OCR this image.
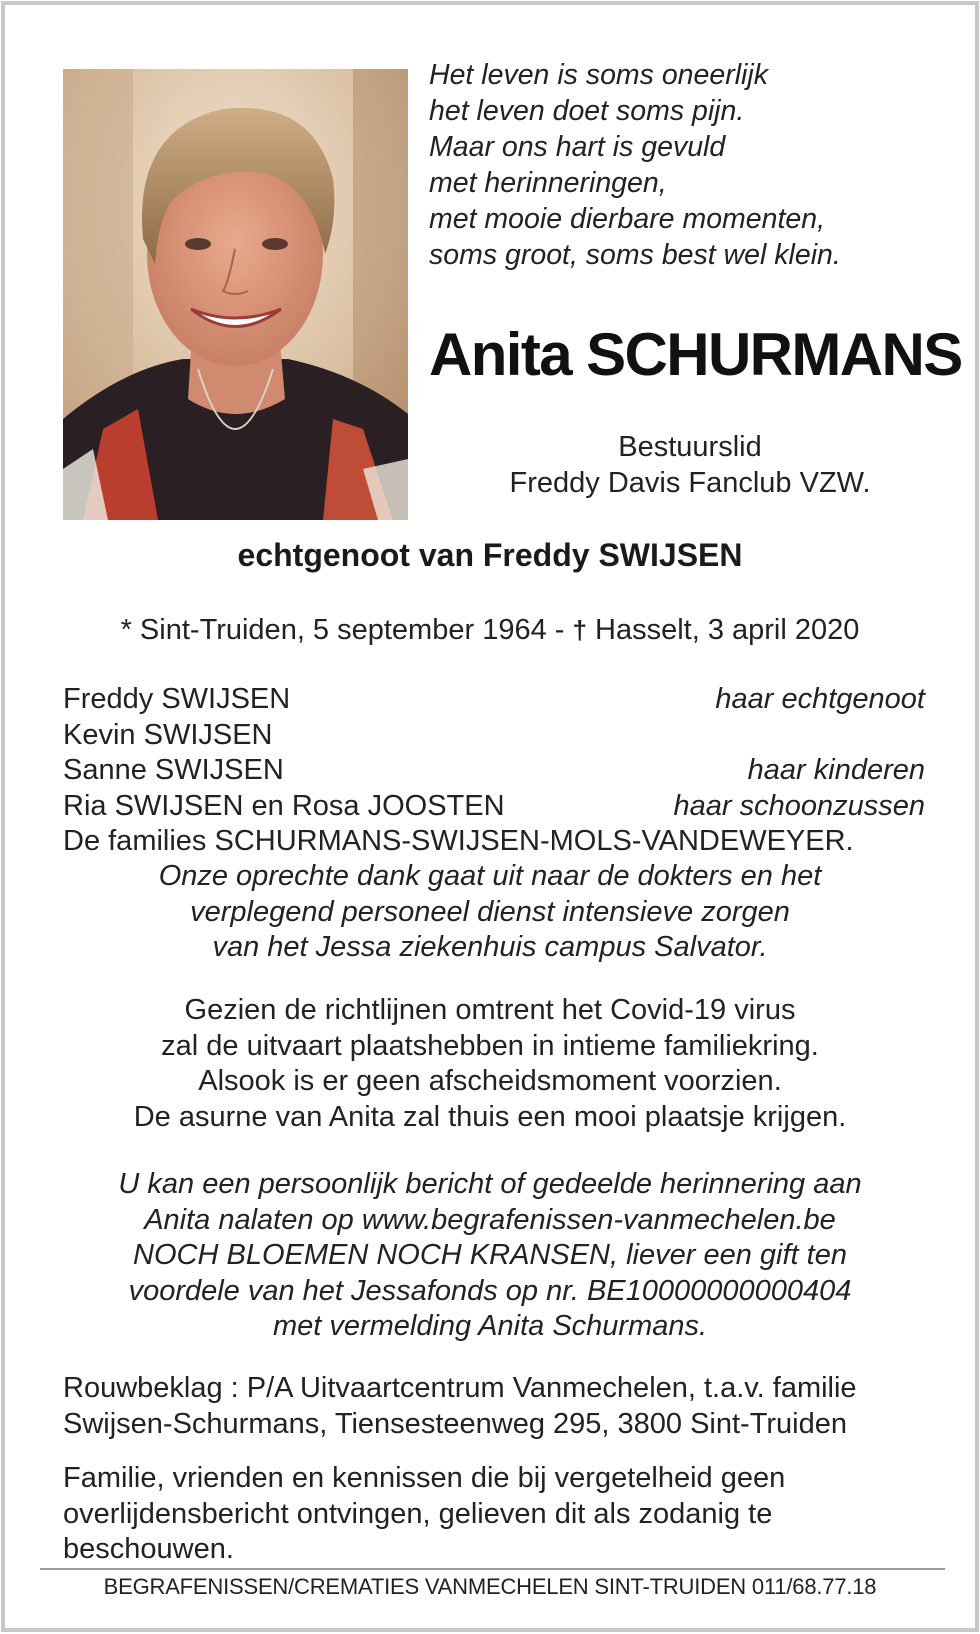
Het leven is soms oneerlijk
het leven doet soms pijn.
Maar ons hart is gevuld
met herinneringen,
met mooie dierbare momenten,
soms groot, soms best wel klein.
Anita SCHURMANS
Bestuurslid
Freddy Davis Fanclub VZW.
echtgenoot van Freddy SWIJSEN
* Sint-Truiden, 5 september 1964 - † Hasselt, 3 april 2020
Freddy SWIJSEN	haar echtgenoot
Kevin SWIJSEN
Sanne SWIJSEN	haar kinderen
Ria SWIJSEN en Rosa JOOSTEN	haar schoonzussen
De families SCHURMANS-SWIJSEN-MOLS-VANDEWEYER.
Onze oprechte dank gaat uit naar de dokters en het
verplegend personeel dienst intensieve zorgen
van het Jessa ziekenhuis campus Salvator.
Gezien de richtlijnen omtrent het Covid-19 virus
zal de uitvaart plaatshebben in intieme familiekring.
Alsook is er geen afscheidsmoment voorzien.
De asurne van Anita zal thuis een mooi plaatsje krijgen.
U kan een persoonlijk bericht of gedeelde herinnering aan
Anita nalaten op www.begrafenissen-vanmechelen.be
NOCH BLOEMEN NOCH KRANSEN, liever een gift ten
voordele van het Jessafonds op nr. BE10000000000404
met vermelding Anita Schurmans.
Rouwbeklag : P/A Uitvaartcentrum Vanmechelen, t.a.v. familie
Swijsen-Schurmans, Tiensesteenweg 295, 3800 Sint-Truiden
Familie, vrienden en kennissen die bij vergetelheid geen
overlijdensbericht ontvingen, gelieven dit als zodanig te
beschouwen.
BEGRAFENISSEN/CREMATIES VANMECHELEN SINT-TRUIDEN 011/68.77.18
